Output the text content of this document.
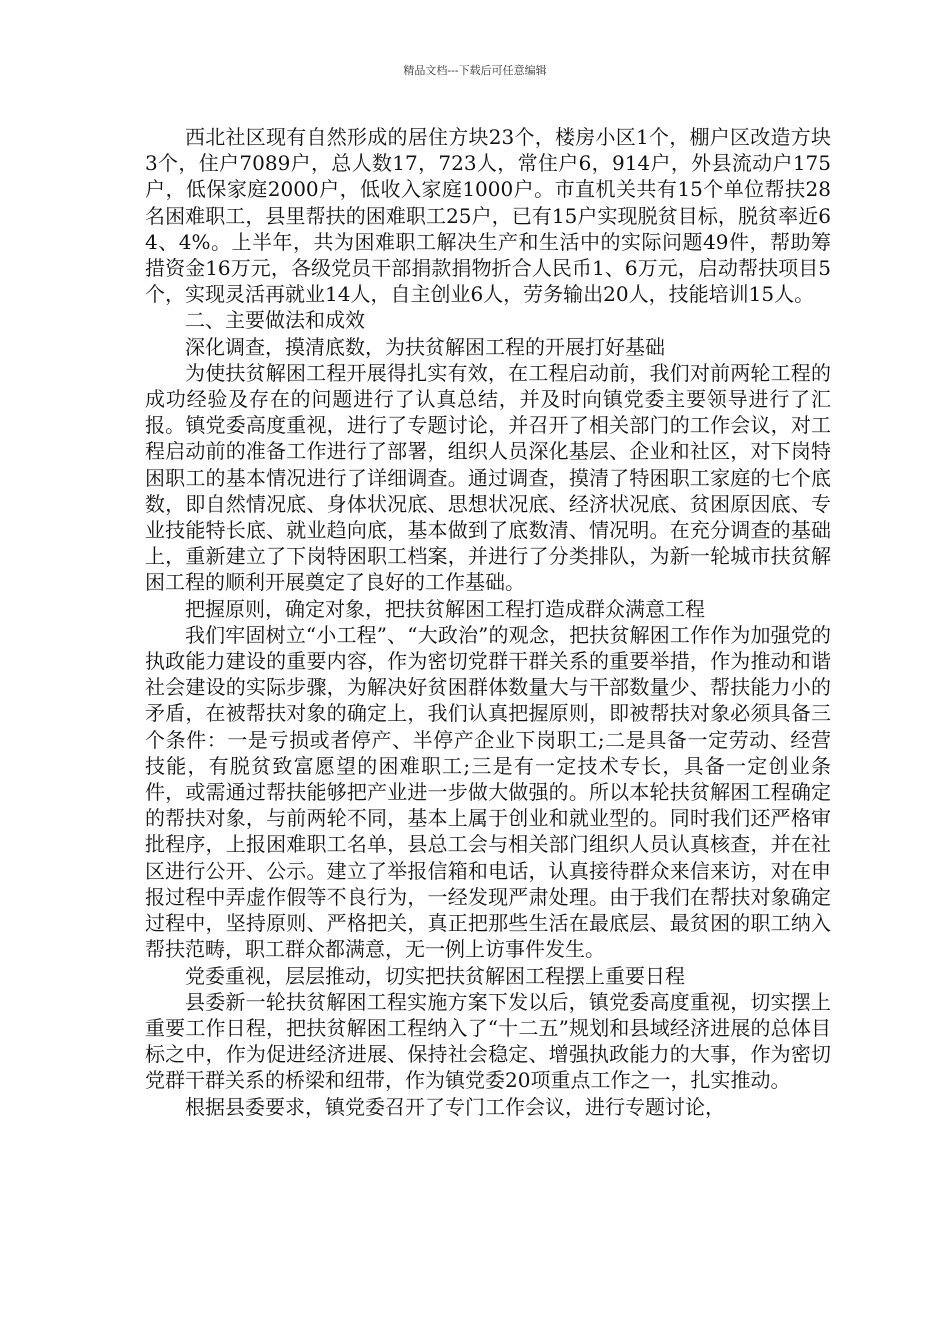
精品文档---下载后可任意编辑

西北社区现有自然形成的居住方块23个，楼房小区1个，棚户区改造方块3个，住户7089户，总人数17，723人，常住户6，914户，外县流动户175户，低保家庭2000户，低收入家庭1000户。市直机关共有15个单位帮扶28名困难职工，县里帮扶的困难职工25户，已有15户实现脱贫目标，脱贫率近64、4%。上半年，共为困难职工解决生产和生活中的实际问题49件，帮助筹措资金16万元，各级党员干部捐款捐物折合人民币1、6万元，启动帮扶项目5个，实现灵活再就业14人，自主创业6人，劳务输出20人，技能培训15人。

二、主要做法和成效

深化调查，摸清底数，为扶贫解困工程的开展打好基础

为使扶贫解困工程开展得扎实有效，在工程启动前，我们对前两轮工程的成功经验及存在的问题进行了认真总结，并及时向镇党委主要领导进行了汇报。镇党委高度重视，进行了专题讨论，并召开了相关部门的工作会议，对工程启动前的准备工作进行了部署，组织人员深化基层、企业和社区，对下岗特困职工的基本情况进行了详细调查。通过调查，摸清了特困职工家庭的七个底数，即自然情况底、身体状况底、思想状况底、经济状况底、贫困原因底、专业技能特长底、就业趋向底，基本做到了底数清、情况明。在充分调查的基础上，重新建立了下岗特困职工档案，并进行了分类排队，为新一轮城市扶贫解困工程的顺利开展奠定了良好的工作基础。

把握原则，确定对象，把扶贫解困工程打造成群众满意工程

我们牢固树立“小工程”、“大政治”的观念，把扶贫解困工作作为加强党的执政能力建设的重要内容，作为密切党群干群关系的重要举措，作为推动和谐社会建设的实际步骤，为解决好贫困群体数量大与干部数量少、帮扶能力小的矛盾，在被帮扶对象的确定上，我们认真把握原则，即被帮扶对象必须具备三个条件：一是亏损或者停产、半停产企业下岗职工;二是具备一定劳动、经营技能，有脱贫致富愿望的困难职工;三是有一定技术专长，具备一定创业条件，或需通过帮扶能够把产业进一步做大做强的。所以本轮扶贫解困工程确定的帮扶对象，与前两轮不同，基本上属于创业和就业型的。同时我们还严格审批程序，上报困难职工名单，县总工会与相关部门组织人员认真核查，并在社区进行公开、公示。建立了举报信箱和电话，认真接待群众来信来访，对在申报过程中弄虚作假等不良行为，一经发现严肃处理。由于我们在帮扶对象确定过程中，坚持原则、严格把关，真正把那些生活在最底层、最贫困的职工纳入帮扶范畴，职工群众都满意，无一例上访事件发生。

党委重视，层层推动，切实把扶贫解困工程摆上重要日程

县委新一轮扶贫解困工程实施方案下发以后，镇党委高度重视，切实摆上重要工作日程，把扶贫解困工程纳入了“十二五”规划和县域经济进展的总体目标之中，作为促进经济进展、保持社会稳定、增强执政能力的大事，作为密切党群干群关系的桥梁和纽带，作为镇党委20项重点工作之一，扎实推动。

根据县委要求，镇党委召开了专门工作会议，进行专题讨论，
